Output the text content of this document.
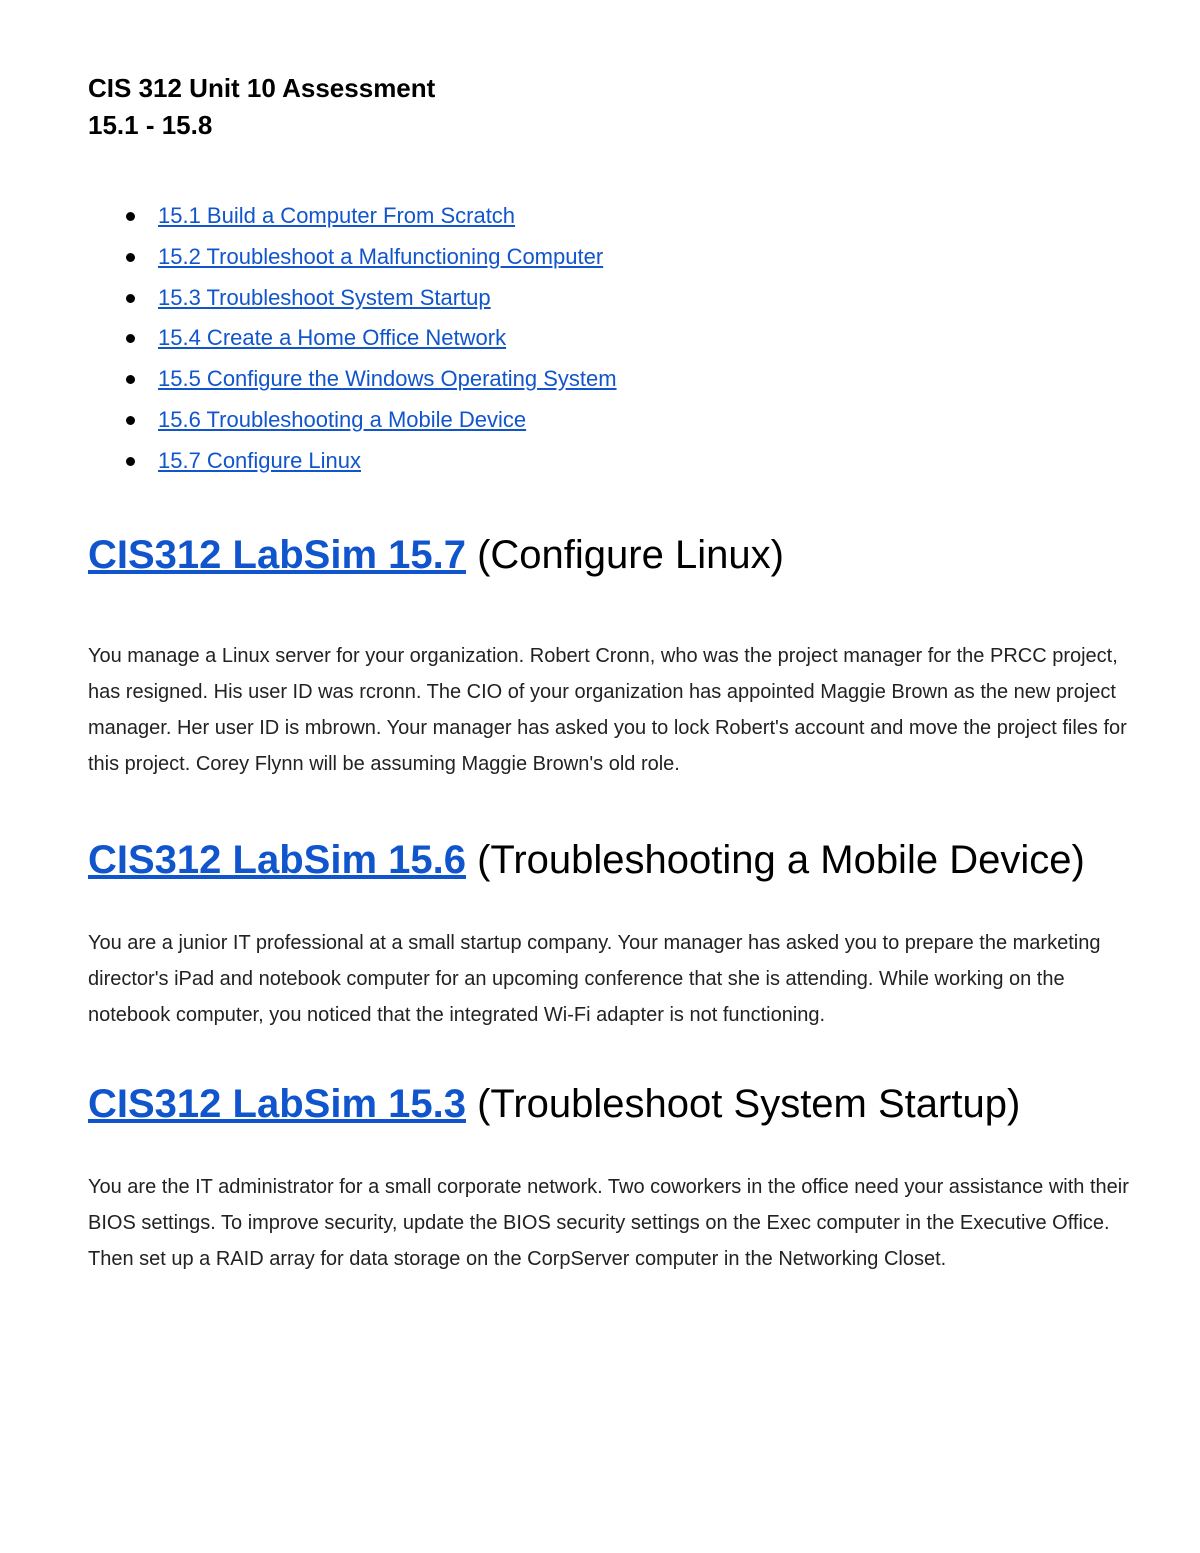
CIS 312 Unit 10 Assessment
15.1 - 15.8
15.1 Build a Computer From Scratch
15.2 Troubleshoot a Malfunctioning Computer
15.3 Troubleshoot System Startup
15.4 Create a Home Office Network
15.5 Configure the Windows Operating System
15.6 Troubleshooting a Mobile Device
15.7 Configure Linux
CIS312 LabSim 15.7 (Configure Linux)

You manage a Linux server for your organization. Robert Cronn, who was the project manager for the PRCC project, has resigned. His user ID was rcronn. The CIO of your organization has appointed Maggie Brown as the new project manager. Her user ID is mbrown. Your manager has asked you to lock Robert's account and move the project files for this project. Corey Flynn will be assuming Maggie Brown's old role.

CIS312 LabSim 15.6 (Troubleshooting a Mobile Device)

You are a junior IT professional at a small startup company. Your manager has asked you to prepare the marketing director's iPad and notebook computer for an upcoming conference that she is attending. While working on the notebook computer, you noticed that the integrated Wi-Fi adapter is not functioning.

CIS312 LabSim 15.3 (Troubleshoot System Startup)

You are the IT administrator for a small corporate network. Two coworkers in the office need your assistance with their BIOS settings. To improve security, update the BIOS security settings on the Exec computer in the Executive Office. Then set up a RAID array for data storage on the CorpServer computer in the Networking Closet.
